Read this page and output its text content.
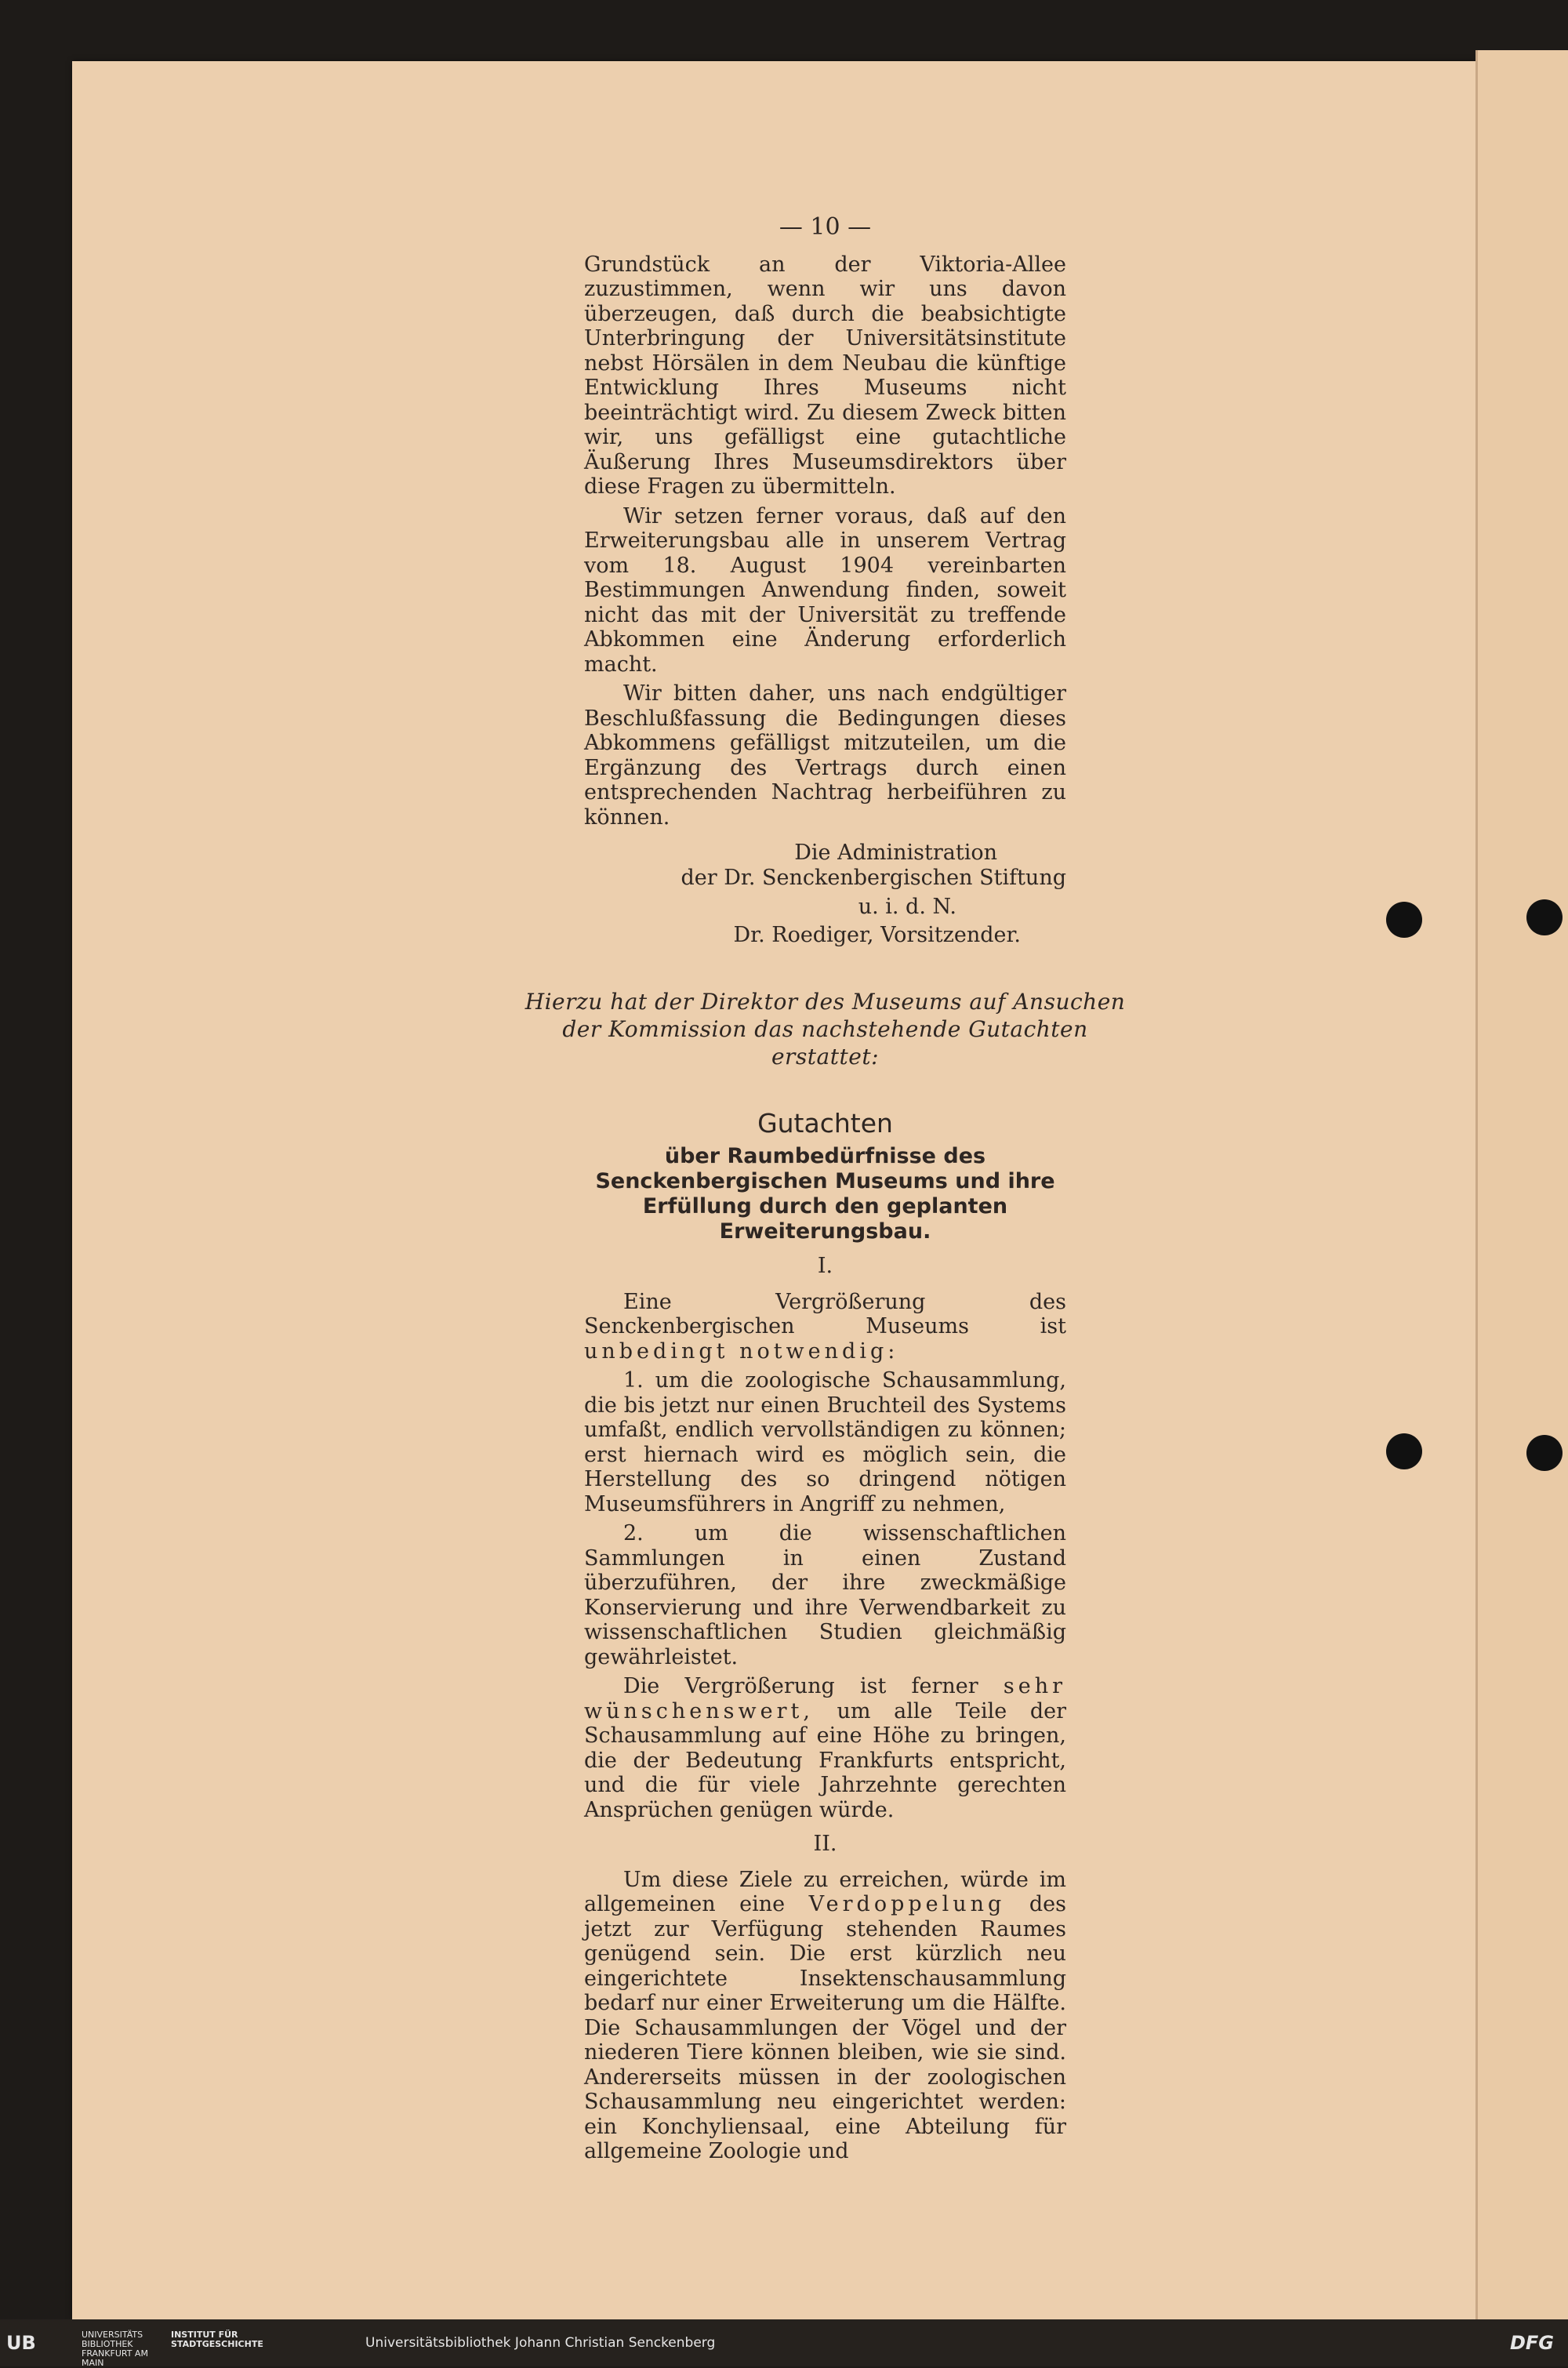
— 10 —

Grundstück an der Viktoria-Allee zuzustimmen, wenn wir uns davon überzeugen, daß durch die beabsichtigte Unterbringung der Universitätsinstitute nebst Hörsälen in dem Neubau die künftige Entwicklung Ihres Museums nicht beeinträchtigt wird. Zu diesem Zweck bitten wir, uns gefälligst eine gutachtliche Äußerung Ihres Museumsdirektors über diese Fragen zu übermitteln.

Wir setzen ferner voraus, daß auf den Erweiterungsbau alle in unserem Vertrag vom 18. August 1904 vereinbarten Bestimmungen Anwendung finden, soweit nicht das mit der Universität zu treffende Abkommen eine Änderung erforderlich macht.

Wir bitten daher, uns nach endgültiger Beschlußfassung die Bedingungen dieses Abkommens gefälligst mitzuteilen, um die Ergänzung des Vertrags durch einen entsprechenden Nachtrag herbeiführen zu können.

Die Administration

der Dr. Senckenbergischen Stiftung

u. i. d. N.

Dr. Roediger, Vorsitzender.

Hierzu hat der Direktor des Museums auf Ansuchen der Kommission das nachstehende Gutachten erstattet:

Gutachten

über Raumbedürfnisse des Senckenbergischen Museums und ihre Erfüllung durch den geplanten Erweiterungsbau.

I.

Eine Vergrößerung des Senckenbergischen Museums ist unbedingt notwendig:

1. um die zoologische Schausammlung, die bis jetzt nur einen Bruchteil des Systems umfaßt, endlich vervollständigen zu können; erst hiernach wird es möglich sein, die Herstellung des so dringend nötigen Museumsführers in Angriff zu nehmen,

2. um die wissenschaftlichen Sammlungen in einen Zustand überzuführen, der ihre zweckmäßige Konservierung und ihre Verwendbarkeit zu wissenschaftlichen Studien gleichmäßig gewährleistet.

Die Vergrößerung ist ferner sehr wünschenswert, um alle Teile der Schausammlung auf eine Höhe zu bringen, die der Bedeutung Frankfurts entspricht, und die für viele Jahrzehnte gerechten Ansprüchen genügen würde.

II.

Um diese Ziele zu erreichen, würde im allgemeinen eine Verdoppelung des jetzt zur Verfügung stehenden Raumes genügend sein. Die erst kürzlich neu eingerichtete Insektenschausammlung bedarf nur einer Erweiterung um die Hälfte. Die Schausammlungen der Vögel und der niederen Tiere können bleiben, wie sie sind. Andererseits müssen in der zoologischen Schausammlung neu eingerichtet werden: ein Konchyliensaal, eine Abteilung für allgemeine Zoologie und

UB	UNIVERSITÄTS BIBLIOTHEK FRANKFURT AM MAIN
INSTITUT FÜR STADTGESCHICHTE	Universitätsbibliothek Johann Christian Senckenberg	DFG
